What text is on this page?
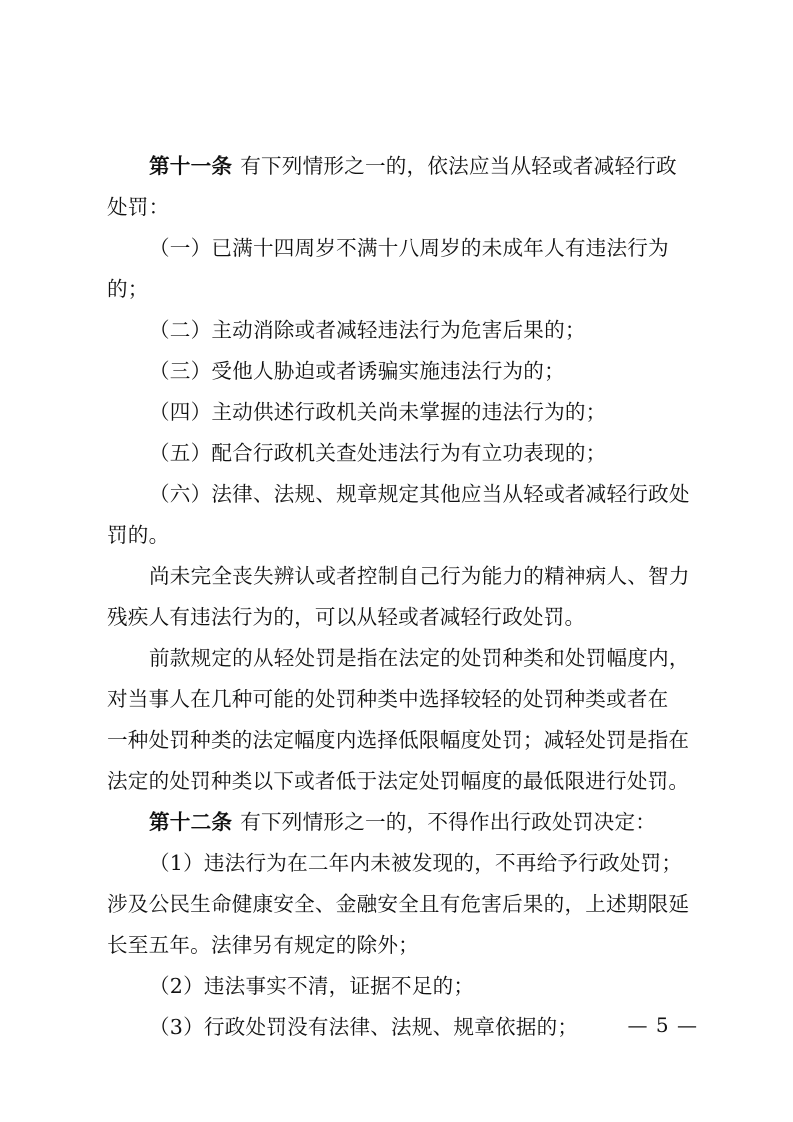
第十一条 有下列情形之一的，依法应当从轻或者减轻行政
处罚：
（一）已满十四周岁不满十八周岁的未成年人有违法行为
的；
（二）主动消除或者减轻违法行为危害后果的；
（三）受他人胁迫或者诱骗实施违法行为的；
（四）主动供述行政机关尚未掌握的违法行为的；
（五）配合行政机关查处违法行为有立功表现的；
（六）法律、法规、规章规定其他应当从轻或者减轻行政处
罚的。
尚未完全丧失辨认或者控制自己行为能力的精神病人、智力
残疾人有违法行为的，可以从轻或者减轻行政处罚。
前款规定的从轻处罚是指在法定的处罚种类和处罚幅度内，
对当事人在几种可能的处罚种类中选择较轻的处罚种类或者在
一种处罚种类的法定幅度内选择低限幅度处罚；减轻处罚是指在
法定的处罚种类以下或者低于法定处罚幅度的最低限进行处罚。
第十二条 有下列情形之一的，不得作出行政处罚决定：
（1）违法行为在二年内未被发现的，不再给予行政处罚；
涉及公民生命健康安全、金融安全且有危害后果的，上述期限延
长至五年。法律另有规定的除外；
（2）违法事实不清，证据不足的；
（3）行政处罚没有法律、法规、规章依据的；	— 5 —
